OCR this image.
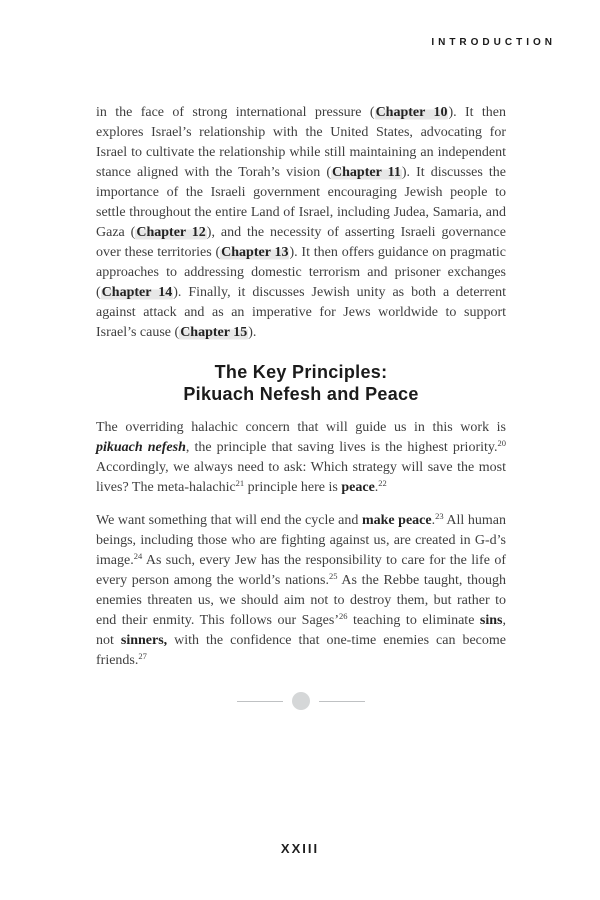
INTRODUCTION

in the face of strong international pressure (Chapter 10). It then explores Israel’s relationship with the United States, advocating for Israel to cultivate the relationship while still maintaining an independent stance aligned with the Torah’s vision (Chapter 11). It discusses the importance of the Israeli government encouraging Jewish people to settle throughout the entire Land of Israel, including Judea, Samaria, and Gaza (Chapter 12), and the necessity of asserting Israeli governance over these territories (Chapter 13). It then offers guidance on pragmatic approaches to addressing domestic terrorism and prisoner exchanges (Chapter 14). Finally, it discusses Jewish unity as both a deterrent against attack and as an imperative for Jews worldwide to support Israel’s cause (Chapter 15).

The Key Principles:
Pikuach Nefesh and Peace

The overriding halachic concern that will guide us in this work is pikuach nefesh, the principle that saving lives is the highest priority.$^{20}$ Accordingly, we always need to ask: Which strategy will save the most lives? The meta-halachic$^{21}$ principle here is peace.$^{22}$

We want something that will end the cycle and make peace.$^{23}$ All human beings, including those who are fighting against us, are created in G-d’s image.$^{24}$ As such, every Jew has the responsibility to care for the life of every person among the world’s nations.$^{25}$ As the Rebbe taught, though enemies threaten us, we should aim not to destroy them, but rather to end their enmity. This follows our Sages’$^{26}$ teaching to eliminate sins, not sinners, with the confidence that one-time enemies can become friends.$^{27}$

XXIII
